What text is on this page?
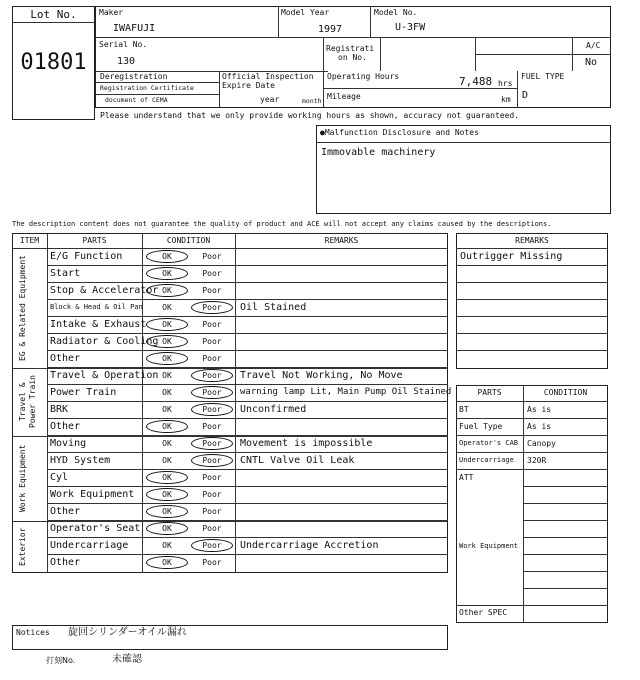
Lot No.
01801
Maker
IWAFUJI
Model Year
1997
Model No.
U-3FW
Serial No.
130
Registrati
on No.
A/C
No
Deregistration
Registration Certificate
document of CEMA
Official Inspection
Expire Date
year	month
Operating Hours	7,488 hrs
Mileage	km
FUEL TYPE
D
Please understand that we only provide working hours as shown, accuracy not guaranteed.
●Malfunction Disclosure and Notes
Immovable machinery
The description content does not guarantee the quality of product and ACE will not accept any claims caused by the descriptions.
ITEM	PARTS	CONDITION	REMARKS
EG & Related Equipment
Travel & Power Train
Work Equipment
Exterior
E/G Function	OK	Poor
Start	OK	Poor
Stop & Accelerator OK	Poor
Block & Head & Oil Pan	OK	Poor	Oil Stained
Intake & Exhaust	OK	Poor
Radiator & Cooling OK	Poor
Other	OK	Poor
Travel & Operation OK	Poor	Travel Not Working, No Move
Power Train	OK	Poor	warning lamp Lit, Main Pump Oil Stained
BRK	OK	Poor	Unconfirmed
Other	OK	Poor
Moving	OK	Poor	Movement is impossible
HYD System	OK	Poor	CNTL Valve Oil Leak
Cyl	OK	Poor
Work Equipment	OK	Poor
Other	OK	Poor
Operator's Seat	OK	Poor
Undercarriage	OK	Poor	Undercarriage Accretion
Other	OK	Poor
REMARKS
Outrigger Missing
PARTS	CONDITION
BT	As is
Fuel Type	As is
Operator's CAB Canopy
Undercarriage 320R
ATT
Work Equipment
Other SPEC
Notices 旋回シリンダーオイル漏れ
打刻No.	未確認
